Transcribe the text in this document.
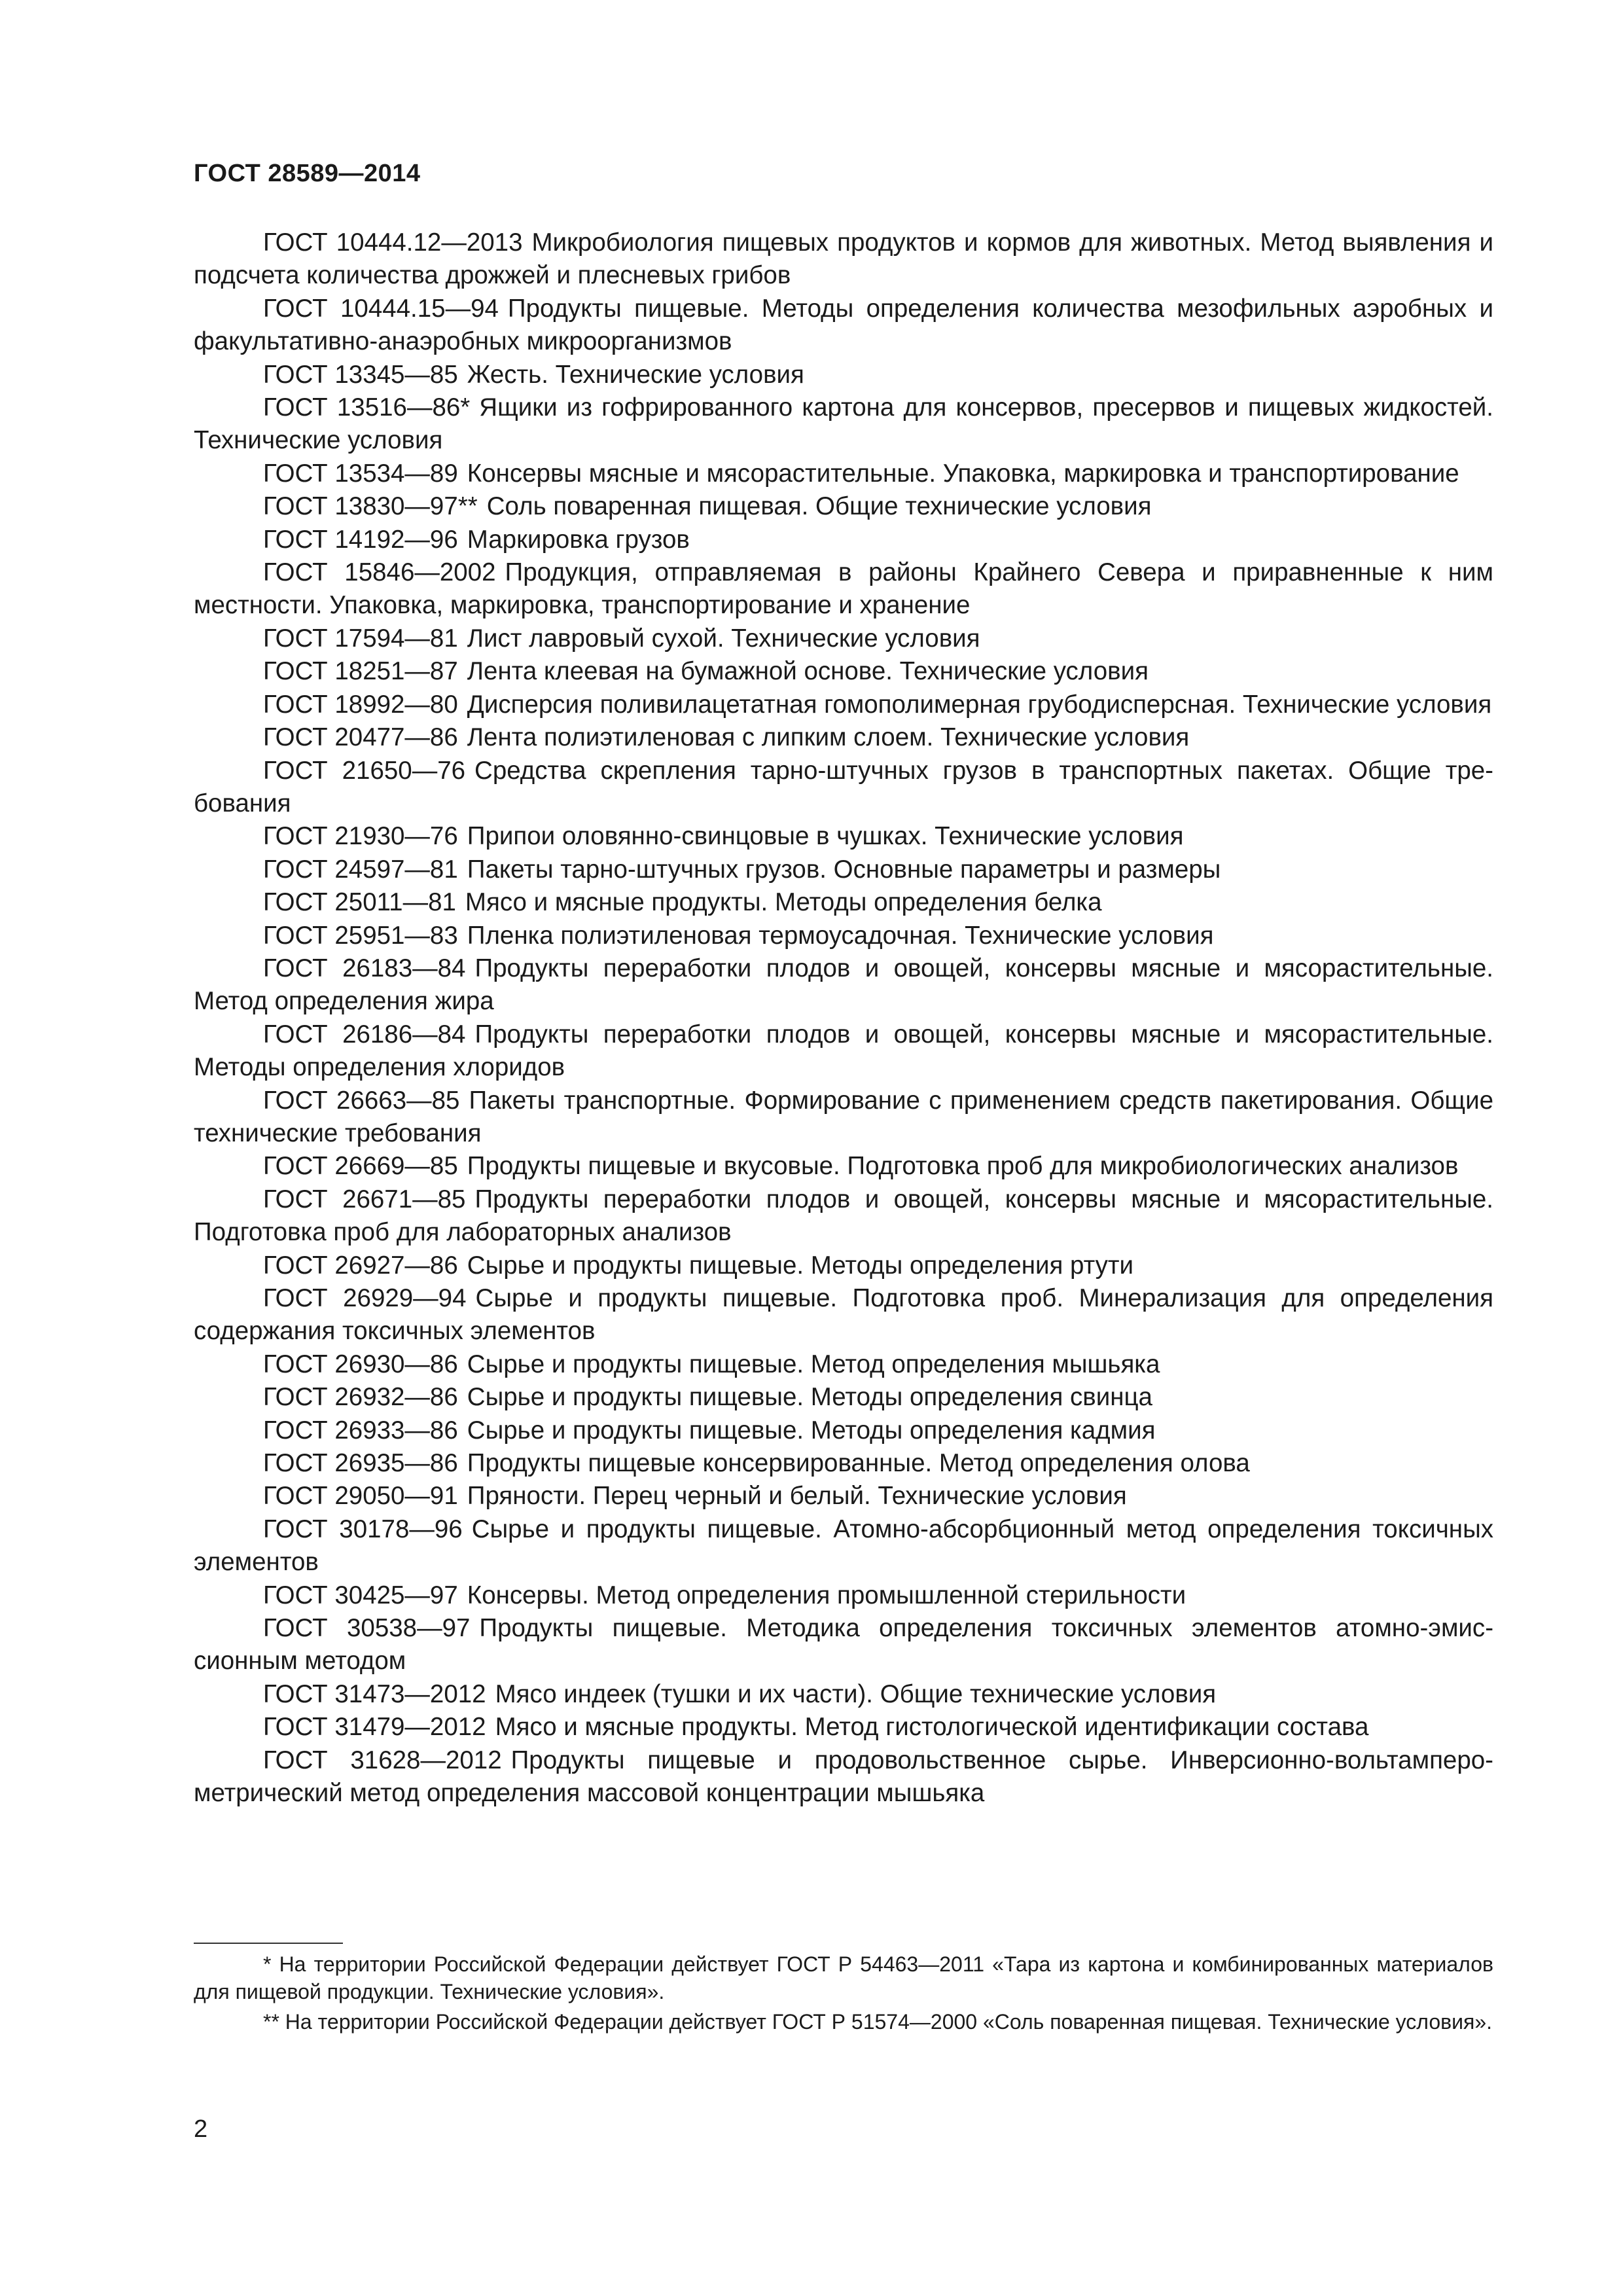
ГОСТ 28589—2014

ГОСТ 10444.12—2013 Микробиология пищевых продуктов и кормов для животных. Метод выявления и подсчета количества дрожжей и плесневых грибов

ГОСТ 10444.15—94 Продукты пищевые. Методы определения количества мезофильных аэробных и факультативно-анаэробных микроорганизмов

ГОСТ 13345—85 Жесть. Технические условия

ГОСТ 13516—86* Ящики из гофрированного картона для консервов, пресервов и пищевых жидкостей. Технические условия

ГОСТ 13534—89 Консервы мясные и мясорастительные. Упаковка, маркировка и транспортирование

ГОСТ 13830—97** Соль поваренная пищевая. Общие технические условия

ГОСТ 14192—96 Маркировка грузов

ГОСТ 15846—2002 Продукция, отправляемая в районы Крайнего Севера и приравненные к ним местности. Упаковка, маркировка, транспортирование и хранение

ГОСТ 17594—81 Лист лавровый сухой. Технические условия

ГОСТ 18251—87 Лента клеевая на бумажной основе. Технические условия

ГОСТ 18992—80 Дисперсия поливилацетатная гомополимерная грубодисперсная. Технические условия

ГОСТ 20477—86 Лента полиэтиленовая с липким слоем. Технические условия

ГОСТ 21650—76 Средства скрепления тарно-штучных грузов в транспортных пакетах. Общие требования

ГОСТ 21930—76 Припои оловянно-свинцовые в чушках. Технические условия

ГОСТ 24597—81 Пакеты тарно-штучных грузов. Основные параметры и размеры

ГОСТ 25011—81 Мясо и мясные продукты. Методы определения белка

ГОСТ 25951—83 Пленка полиэтиленовая термоусадочная. Технические условия

ГОСТ 26183—84 Продукты переработки плодов и овощей, консервы мясные и мясорастительные. Метод определения жира

ГОСТ 26186—84 Продукты переработки плодов и овощей, консервы мясные и мясорастительные. Методы определения хлоридов

ГОСТ 26663—85 Пакеты транспортные. Формирование с применением средств пакетирования. Общие технические требования

ГОСТ 26669—85 Продукты пищевые и вкусовые. Подготовка проб для микробиологических анализов

ГОСТ 26671—85 Продукты переработки плодов и овощей, консервы мясные и мясорастительные. Подготовка проб для лабораторных анализов

ГОСТ 26927—86 Сырье и продукты пищевые. Методы определения ртути

ГОСТ 26929—94 Сырье и продукты пищевые. Подготовка проб. Минерализация для определения содержания токсичных элементов

ГОСТ 26930—86 Сырье и продукты пищевые. Метод определения мышьяка

ГОСТ 26932—86 Сырье и продукты пищевые. Методы определения свинца

ГОСТ 26933—86 Сырье и продукты пищевые. Методы определения кадмия

ГОСТ 26935—86 Продукты пищевые консервированные. Метод определения олова

ГОСТ 29050—91 Пряности. Перец черный и белый. Технические условия

ГОСТ 30178—96 Сырье и продукты пищевые. Атомно-абсорбционный метод определения токсичных элементов

ГОСТ 30425—97 Консервы. Метод определения промышленной стерильности

ГОСТ 30538—97 Продукты пищевые. Методика определения токсичных элементов атомно-эмиссионным методом

ГОСТ 31473—2012 Мясо индеек (тушки и их части). Общие технические условия

ГОСТ 31479—2012 Мясо и мясные продукты. Метод гистологической идентификации состава

ГОСТ 31628—2012 Продукты пищевые и продовольственное сырье. Инверсионно-вольтамперометрический метод определения массовой концентрации мышьяка

* На территории Российской Федерации действует ГОСТ Р 54463—2011 «Тара из картона и комбинированных материалов для пищевой продукции. Технические условия».

** На территории Российской Федерации действует ГОСТ Р 51574—2000 «Соль поваренная пищевая. Технические условия».

2
